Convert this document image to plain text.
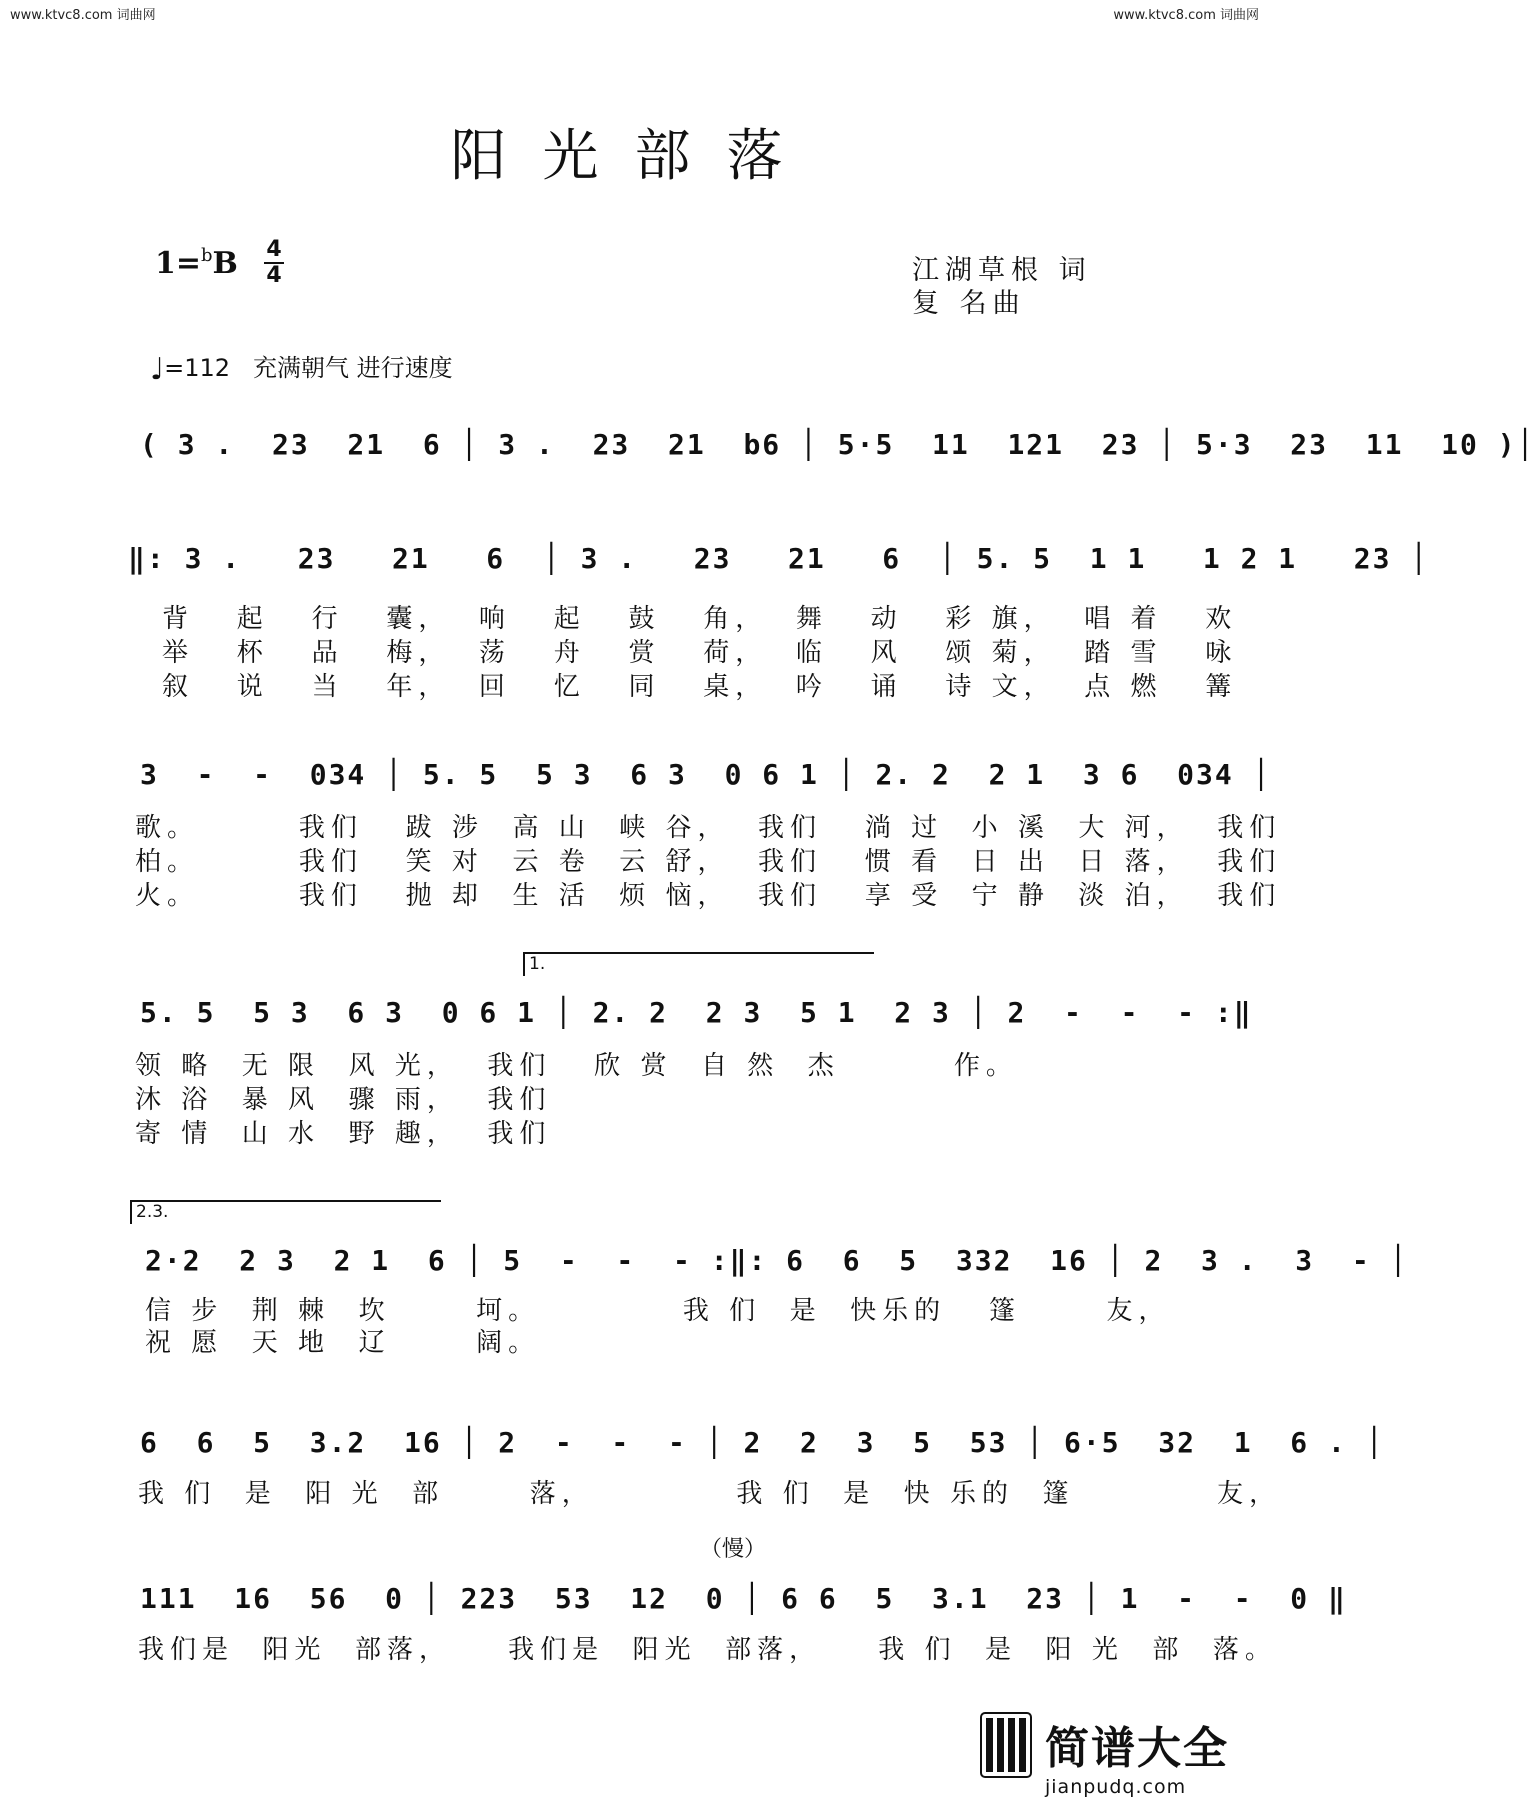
www.ktvc8.com 词曲网	www.ktvc8.com 词曲网
阳光部落
1=$^b$B 4
4	江湖草根 词
复 名曲
♩=112 充满朝气 进行速度
( 3 .  23  21  6 │ 3 .  23  21  b6 │ 5·5  11  121  23 │ 5·3  23  11  10 )│
‖: 3 .   23   21   6  │ 3 .   23   21   6  │ 5. 5  1 1   1 2 1   23 │
背   起   行   囊，  响   起   鼓   角，  舞   动   彩 旗，  唱 着   欢
举   杯   品   梅，  荡   舟   赏   荷，  临   风   颂 菊，  踏 雪   咏
叙   说   当   年，  回   忆   同   桌，  吟   诵   诗 文，  点 燃   篝
3  -  -  034 │ 5. 5  5 3  6 3  0 6 1 │ 2. 2  2 1  3 6  034 │
歌。       我们   跋 涉  高 山  峡 谷，  我们   淌 过  小 溪  大 河，  我们
柏。       我们   笑 对  云 卷  云 舒，  我们   惯 看  日 出  日 落，  我们
火。       我们   抛 却  生 活  烦 恼，  我们   享 受  宁 静  淡 泊，  我们
1.
5. 5  5 3  6 3  0 6 1 │ 2. 2  2 3  5 1  2 3 │ 2  -  -  - :‖
领 略  无 限  风 光，  我们   欣 赏  自 然  杰        作。
沐 浴  暴 风  骤 雨，  我们
寄 情  山 水  野 趣，  我们
2.3.
2·2  2 3  2 1  6 │ 5  -  -  - :‖: 6  6  5  332  16 │ 2  3 .  3  - │
信 步  荆 棘  坎      坷。          我 们  是  快乐的   篷      友，
祝 愿  天 地  辽      阔。
6  6  5  3.2  16 │ 2  -  -  - │ 2  2  3  5  53 │ 6·5  32  1  6 . │
我 们  是  阳 光  部      落，          我 们  是  快 乐的  篷          友，
（慢）
111  16  56  0 │ 223  53  12  0 │ 6 6  5  3.1  23 │ 1  -  -  0 ‖
我们是  阳光  部落，    我们是  阳光  部落，    我 们  是  阳 光  部  落。

简谱大全
jianpudq.com
